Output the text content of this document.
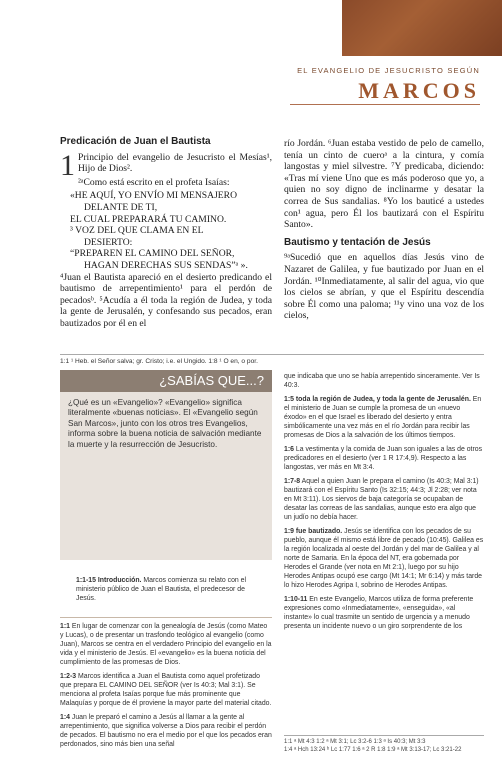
EL EVANGELIO DE JESUCRISTO SEGÚN
MARCOS
Predicación de Juan el Bautista
1 Principio del evangelio de Jesucristo el Mesías¹, Hijo de Dios².
²ᵃComo está escrito en el profeta Isaías:
«HE AQUÍ, YO ENVÍO MI MENSAJERO
DELANTE DE TI,
EL CUAL PREPARARÁ TU CAMINO.
³ VOZ DEL QUE CLAMA EN EL
DESIERTO:
“PREPAREN EL CAMINO DEL SEÑOR,
HAGAN DERECHAS SUS SENDAS”ᵃ ».
⁴Juan el Bautista apareció en el desierto predicando el bautismo de arrepentimiento¹ para el perdón de pecadosᵇ. ⁵Acudía a él toda la región de Judea, y toda la gente de Jerusalén, y confesando sus pecados, eran bautizados por él en el
río Jordán. ⁶Juan estaba vestido de pelo de camello, tenía un cinto de cueroᵃ a la cintura, y comía langostas y miel silvestre. ⁷Y predicaba, diciendo: «Tras mí viene Uno que es más poderoso que yo, a quien no soy digno de inclinarme y desatar la correa de Sus sandalias. ⁸Yo los bauticé a ustedes con¹ agua, pero Él los bautizará con el Espíritu Santo».
Bautismo y tentación de Jesús
⁹ᵃSucedió que en aquellos días Jesús vino de Nazaret de Galilea, y fue bautizado por Juan en el Jordán. ¹⁰Inmediatamente, al salir del agua, vio que los cielos se abrían, y que el Espíritu descendía sobre Él como una paloma; ¹¹y vino una voz de los cielos,
1:1 ¹ Heb. el Señor salva; gr. Cristo; i.e. el Ungido. 1:8 ¹ O en, o por.
¿SABÍAS QUE...?
¿Qué es un «Evangelio»? «Evangelio» significa literalmente «buenas noticias». El «Evangelio según San Marcos», junto con los otros tres Evangelios, informa sobre la buena noticia de salvación mediante la muerte y la resurrección de Jesucristo.
1:1-15 Introducción. Marcos comienza su relato con el ministerio público de Juan el Bautista, el predecesor de Jesús.
1:1 En lugar de comenzar con la genealogía de Jesús (como Mateo y Lucas), o de presentar un trasfondo teológico al evangelio (como Juan), Marcos se centra en el verdadero Principio del evangelio en la vida y el ministerio de Jesús. El «evangelio» es la buena noticia del cumplimiento de las promesas de Dios.
1:2-3 Marcos identifica a Juan el Bautista como aquel profetizado que prepara EL CAMINO DEL SEÑOR (ver Is 40:3; Mal 3:1). Se menciona al profeta Isaías porque fue más prominente que Malaquías y porque de él proviene la mayor parte del material citado.
1:4 Juan le preparó el camino a Jesús al llamar a la gente al arrepentimiento, que significa volverse a Dios para recibir el perdón de pecados. El bautismo no era el medio por el que los pecados eran perdonados, sino más bien una señal
que indicaba que uno se había arrepentido sinceramente. Ver Is 40:3.
1:5 toda la región de Judea, y toda la gente de Jerusalén. En el ministerio de Juan se cumple la promesa de un «nuevo éxodo» en el que Israel es liberado del desierto y entra simbólicamente una vez más en el río Jordán para recibir las promesas de Dios a la salvación de los últimos tiempos.
1:6 La vestimenta y la comida de Juan son iguales a las de otros predicadores en el desierto (ver 1 R 17:4,9). Respecto a las langostas, ver más en Mt 3:4.
1:7-8 Aquel a quien Juan le prepara el camino (Is 40:3; Mal 3:1) bautizará con el Espíritu Santo (Is 32:15; 44:3; Jl 2:28; ver nota en Mt 3:11). Los siervos de baja categoría se ocupaban de desatar las correas de las sandalias, aunque esto era algo que un judío no debía hacer.
1:9 fue bautizado. Jesús se identifica con los pecados de su pueblo, aunque él mismo está libre de pecado (10:45). Galilea es la región localizada al oeste del Jordán y del mar de Galilea y al norte de Samaria. En la época del NT, era gobernada por Herodes el Grande (ver nota en Mt 2:1), luego por su hijo Herodes Antipas ocupó ese cargo (Mt 14:1; Mr 6:14) y más tarde lo hizo Herodes Agripa I, sobrino de Herodes Antipas.
1:10-11 En este Evangelio, Marcos utiliza de forma preferente expresiones como «Inmediatamente», «enseguida», «al instante» lo cual trasmite un sentido de urgencia y a menudo presenta un incidente nuevo o un giro sorprendente de los
1:1 ᵃ Mt 4:3 1:2 ᵃ Mt 3:1; Lc 3:2-6 1:3 ᵃ Is 40:3; Mt 3:3
1:4 ᵃ Hch 13:24 ᵇ Lc 1:77 1:6 ᵃ 2 R 1:8 1:9 ᵃ Mt 3:13-17; Lc 3:21-22
